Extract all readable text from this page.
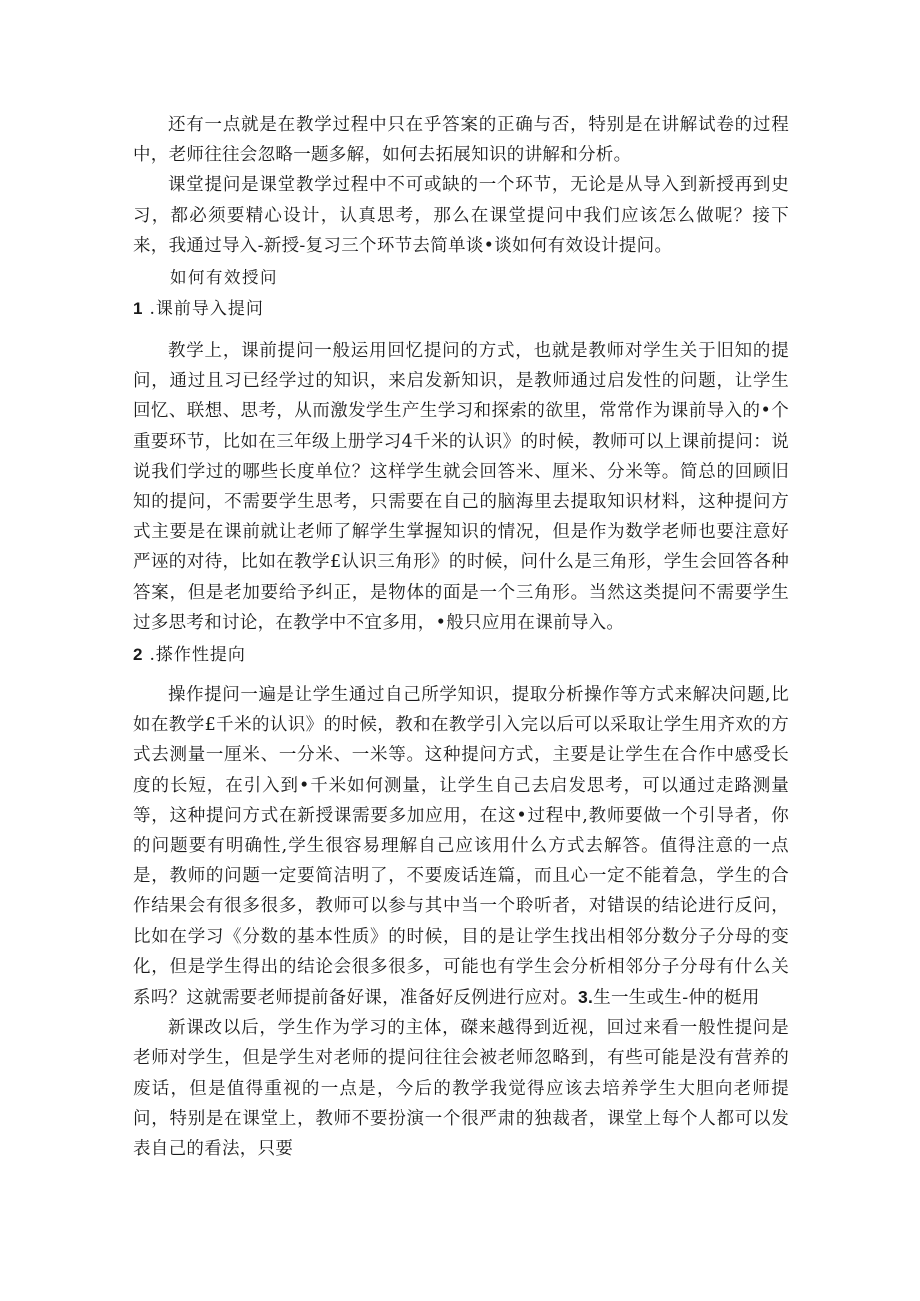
还有一点就是在教学过程中只在乎答案的正确与否，特别是在讲解试卷的过程中，老师往往会忽略一题多解，如何去拓展知识的讲解和分析。

课堂提问是课堂教学过程中不可或缺的一个环节，无论是从导入到新授再到史习，都必须要精心设计，认真思考，那么在课堂提问中我们应该怎么做呢？接下来，我通过导入-新授-复习三个环节去简单谈•谈如何有效设计提问。

如何有效授问

1 .课前导入提问

教学上，课前提问一般运用回忆提问的方式，也就是教师对学生关于旧知的提问，通过且习已经学过的知识，来启发新知识，是教师通过启发性的问题，让学生回忆、联想、思考，从而激发学生产生学习和探索的欲里，常常作为课前导入的•个重要环节，比如在三年级上册学习4千米的认识》的时候，教师可以上课前提问：说说我们学过的哪些长度单位？这样学生就会回答米、厘米、分米等。简总的回顾旧知的提问，不需要学生思考，只需要在自己的脑海里去提取知识材料，这种提问方式主要是在课前就让老师了解学生掌握知识的情况，但是作为数学老师也要注意好严诬的对待，比如在教学£认识三角形》的时候，问什么是三角形，学生会回答各种答案，但是老加要给予纠正，是物体的面是一个三角形。当然这类提问不需要学生过多思考和讨论，在教学中不宜多用，•般只应用在课前导入。

2 .搽作性提向

操作提问一遍是让学生通过自己所学知识，提取分析操作等方式来解决问题,比如在教学£千米的认识》的时候，教和在教学引入完以后可以采取让学生用齐欢的方式去测量一厘米、一分米、一米等。这种提问方式，主要是让学生在合作中感受长度的长短，在引入到•千米如何测量，让学生自己去启发思考，可以通过走路测量等，这种提问方式在新授课需要多加应用，在这•过程中,教师要做一个引导者，你的问题要有明确性,学生很容易理解自己应该用什么方式去解答。值得注意的一点是，教师的问题一定要简洁明了，不要废话连篇，而且心一定不能着急，学生的合作结果会有很多很多，教师可以参与其中当一个聆听者，对错误的结论进行反问，比如在学习《分数的基本性质》的时候，目的是让学生找出相邻分数分子分母的变化，但是学生得出的结论会很多很多，可能也有学生会分析相邻分子分母有什么关系吗？这就需要老师提前备好课，准备好反例进行应对。3.生一生或生-仲的梃用

新课改以后，学生作为学习的主体，磔来越得到近视，回过来看一般性提问是老师对学生，但是学生对老师的提问往往会被老师忽略到，有些可能是没有营养的废话，但是值得重视的一点是，今后的教学我觉得应该去培养学生大胆向老师提问，特别是在课堂上，教师不要扮演一个很严肃的独裁者，课堂上每个人都可以发表自己的看法，只要
